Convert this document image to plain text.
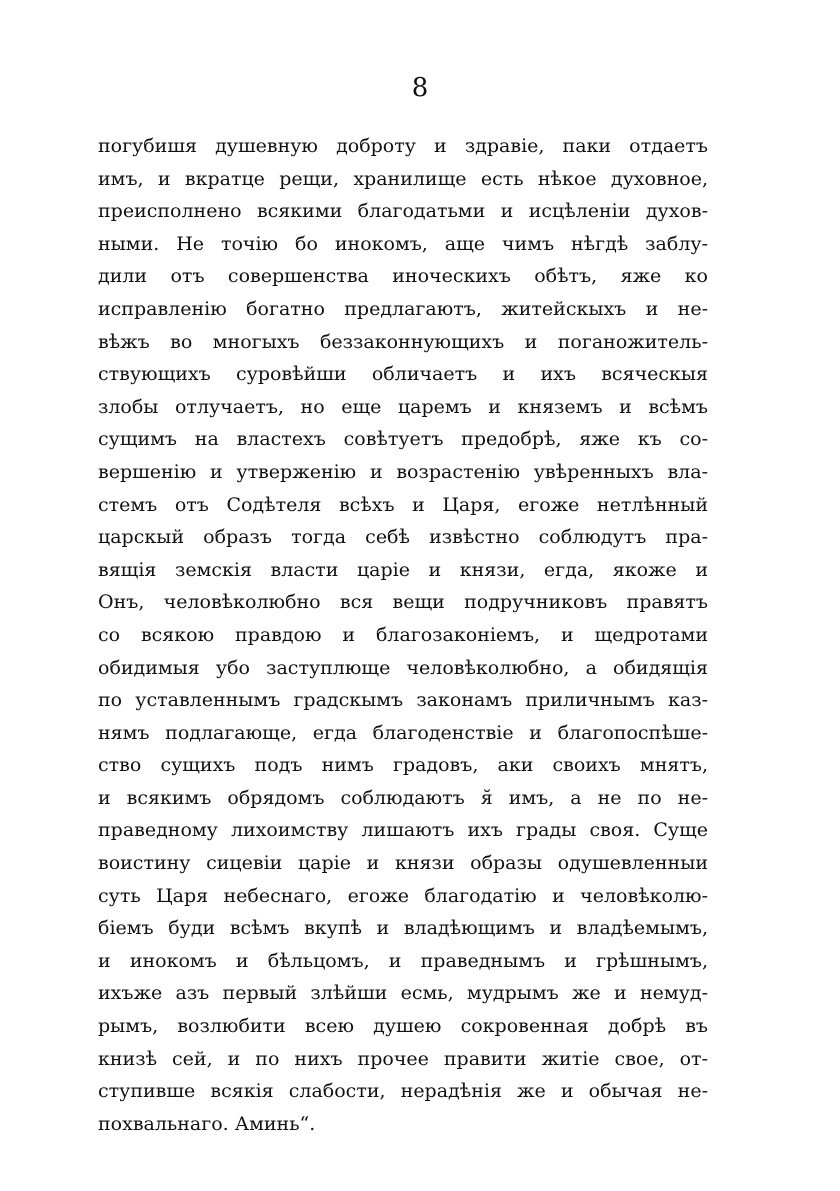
8
погубишя душевную доброту и здравіе, паки отдаетъ
имъ, и вкратце рещи, хранилище есть нѣкое духовное,
преисполнено всякими благодатьми и исцѣленіи духов-
ными. Не точію бо инокомъ, аще чимъ нѣгдѣ заблу-
дили отъ совершенства иноческихъ обѣтъ, яже ко
исправленію богатно предлагаютъ, житейскыхъ и не-
вѣжъ во многыхъ беззаконнующихъ и поганожитель-
ствующихъ суровѣйши обличаетъ и ихъ всяческыя
злобы отлучаетъ, но еще царемъ и княземъ и всѣмъ
сущимъ на властехъ совѣтуетъ предобрѣ, яже къ со-
вершенію и утверженію и возрастенію увѣренныхъ вла-
стемъ отъ Содѣтеля всѣхъ и Царя, егоже нетлѣнный
царскый образъ тогда себѣ извѣстно соблюдутъ пра-
вящія земскія власти царіе и князи, егда, якоже и
Онъ, человѣколюбно вся вещи подручниковъ правятъ
со всякою правдою и благозаконіемъ, и щедротами
обидимыя убо заступлюще человѣколюбно, а обидящія
по уставленнымъ градскымъ законамъ приличнымъ каз-
нямъ подлагающе, егда благоденствіе и благопоспѣше-
ство сущихъ подъ нимъ градовъ, аки своихъ мнятъ,
и всякимъ обрядомъ соблюдаютъ я̆ имъ, а не по не-
праведному лихоимству лишаютъ ихъ грады своя. Суще
воистину сицевіи царіе и князи образы одушевленныи
суть Царя небеснаго, егоже благодатію и человѣколю-
біемъ буди всѣмъ вкупѣ и владѣющимъ и владѣемымъ,
и инокомъ и бѣльцомъ, и праведнымъ и грѣшнымъ,
ихъже азъ первый злѣйши есмь, мудрымъ же и немуд-
рымъ, возлюбити всею душею сокровенная добрѣ въ
книзѣ сей, и по нихъ прочее правити житіе свое, от-
ступивше всякія слабости, нерадѣнія же и обычая не-
похвальнаго. Аминь“.
